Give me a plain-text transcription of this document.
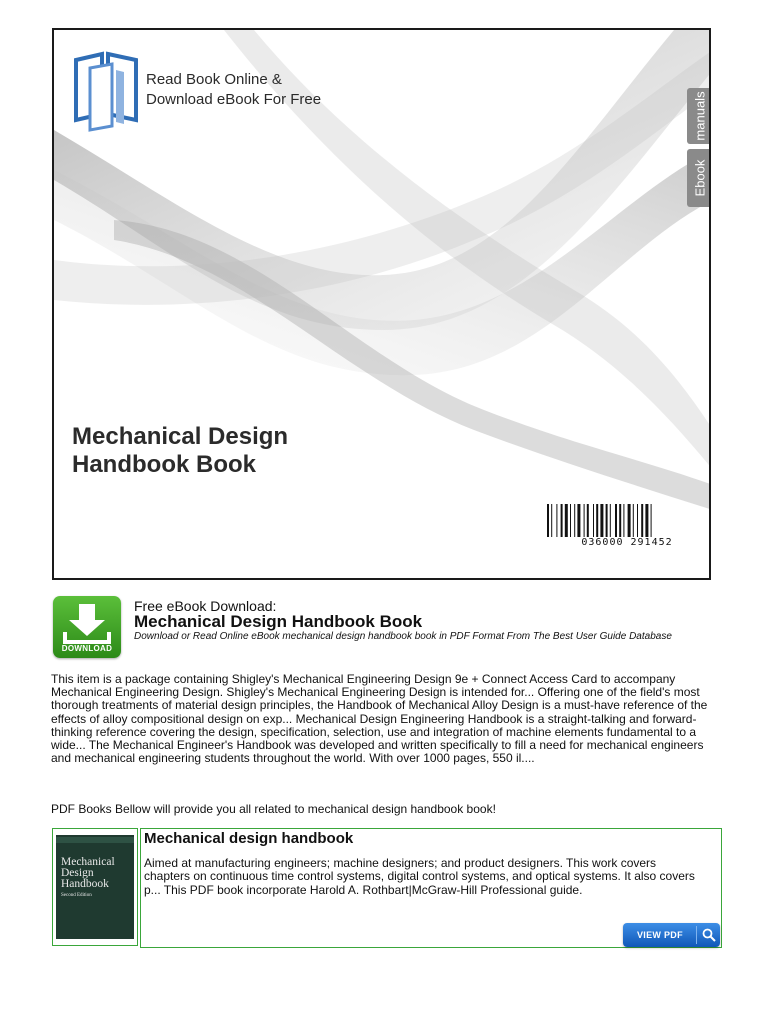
Read Book Online &
Download eBook For Free	manuals
Ebook
Mechanical Design
Handbook Book
036000 291452
DOWNLOAD
Free eBook Download:
Mechanical Design Handbook Book
Download or Read Online eBook mechanical design handbook book in PDF Format From The Best User Guide Database
This item is a package containing Shigley's Mechanical Engineering Design 9e + Connect Access Card to accompany Mechanical Engineering Design. Shigley's Mechanical Engineering Design is intended for... Offering one of the field's most thorough treatments of material design principles, the Handbook of Mechanical Alloy Design is a must-have reference of the effects of alloy compositional design on exp... Mechanical Design Engineering Handbook is a straight-talking and forward-thinking reference covering the design, specification, selection, use and integration of machine elements fundamental to a wide... The Mechanical Engineer's Handbook was developed and written specifically to fill a need for mechanical engineers and mechanical engineering students throughout the world. With over 1000 pages, 550 il....
PDF Books Bellow will provide you all related to mechanical design handbook book!
Mechanical Design Handbook
Second Edition
Mechanical design handbook
Aimed at manufacturing engineers; machine designers; and product designers. This work covers chapters on continuous time control systems, digital control systems, and optical systems. It also covers p... This PDF book incorporate Harold A. Rothbart|McGraw-Hill Professional guide.
VIEW PDF
